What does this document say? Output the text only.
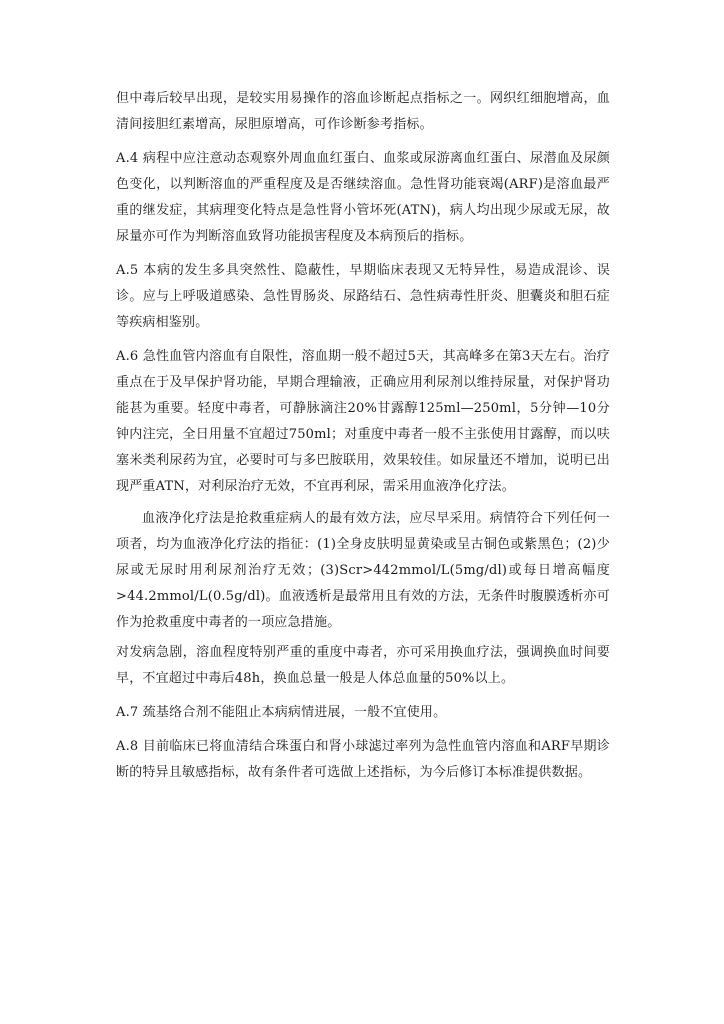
但中毒后较早出现，是较实用易操作的溶血诊断起点指标之一。网织红细胞增高，血清间接胆红素增高，尿胆原增高，可作诊断参考指标。

A.4 病程中应注意动态观察外周血血红蛋白、血浆或尿游离血红蛋白、尿潜血及尿颜色变化，以判断溶血的严重程度及是否继续溶血。急性肾功能衰竭(ARF)是溶血最严重的继发症，其病理变化特点是急性肾小管坏死(ATN)，病人均出现少尿或无尿，故尿量亦可作为判断溶血致肾功能损害程度及本病预后的指标。

A.5 本病的发生多具突然性、隐蔽性，早期临床表现又无特异性，易造成混诊、误诊。应与上呼吸道感染、急性胃肠炎、尿路结石、急性病毒性肝炎、胆囊炎和胆石症等疾病相鉴别。

A.6 急性血管内溶血有自限性，溶血期一般不超过5天，其高峰多在第3天左右。治疗重点在于及早保护肾功能，早期合理输液，正确应用利尿剂以维持尿量，对保护肾功能甚为重要。轻度中毒者，可静脉滴注20%甘露醇125ml—250ml，5分钟—10分钟内注完，全日用量不宜超过750ml；对重度中毒者一般不主张使用甘露醇，而以呋塞米类利尿药为宜，必要时可与多巴胺联用，效果较佳。如尿量还不增加，说明已出现严重ATN，对利尿治疗无效，不宜再利尿，需采用血液净化疗法。

血液净化疗法是抢救重症病人的最有效方法，应尽早采用。病情符合下列任何一项者，均为血液净化疗法的指征：(1)全身皮肤明显黄染或呈古铜色或紫黑色；(2)少尿或无尿时用利尿剂治疗无效；(3)Scr>442mmol/L(5mg/dl)或每日增高幅度>44.2mmol/L(0.5g/dl)。血液透析是最常用且有效的方法，无条件时腹膜透析亦可作为抢救重度中毒者的一项应急措施。

对发病急剧，溶血程度特别严重的重度中毒者，亦可采用换血疗法，强调换血时间要早，不宜超过中毒后48h，换血总量一般是人体总血量的50%以上。

A.7 巯基络合剂不能阻止本病病情进展，一般不宜使用。

A.8 目前临床已将血清结合珠蛋白和肾小球滤过率列为急性血管内溶血和ARF早期诊断的特异且敏感指标，故有条件者可选做上述指标，为今后修订本标准提供数据。
